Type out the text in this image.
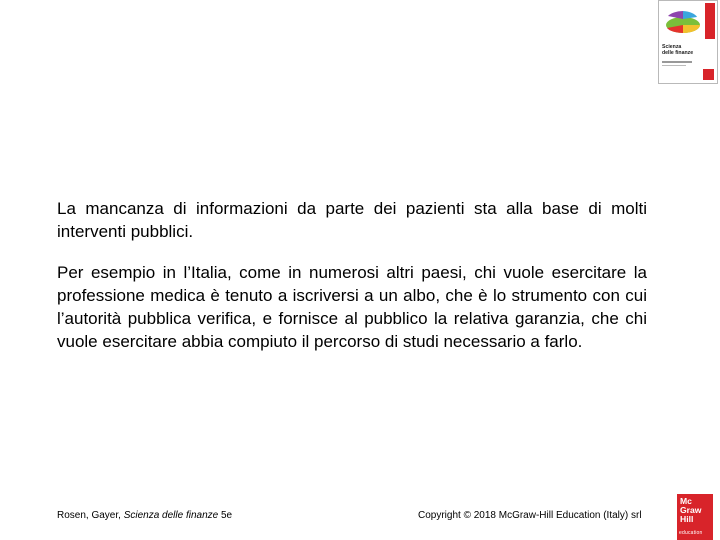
Scienza
delle finanze

La mancanza di informazioni da parte dei pazienti sta alla base di molti interventi pubblici.

Per esempio in l’Italia, come in numerosi altri paesi, chi vuole esercitare la professione medica è tenuto a iscriversi a un albo, che è lo strumento con cui l’autorità pubblica verifica, e fornisce al pubblico la relativa garanzia, che chi vuole esercitare abbia compiuto il percorso di studi necessario a farlo.

Rosen, Gayer, Scienza delle finanze 5e	Copyright © 2018 McGraw-Hill Education (Italy) srl
Mc
Graw
Hill
education
